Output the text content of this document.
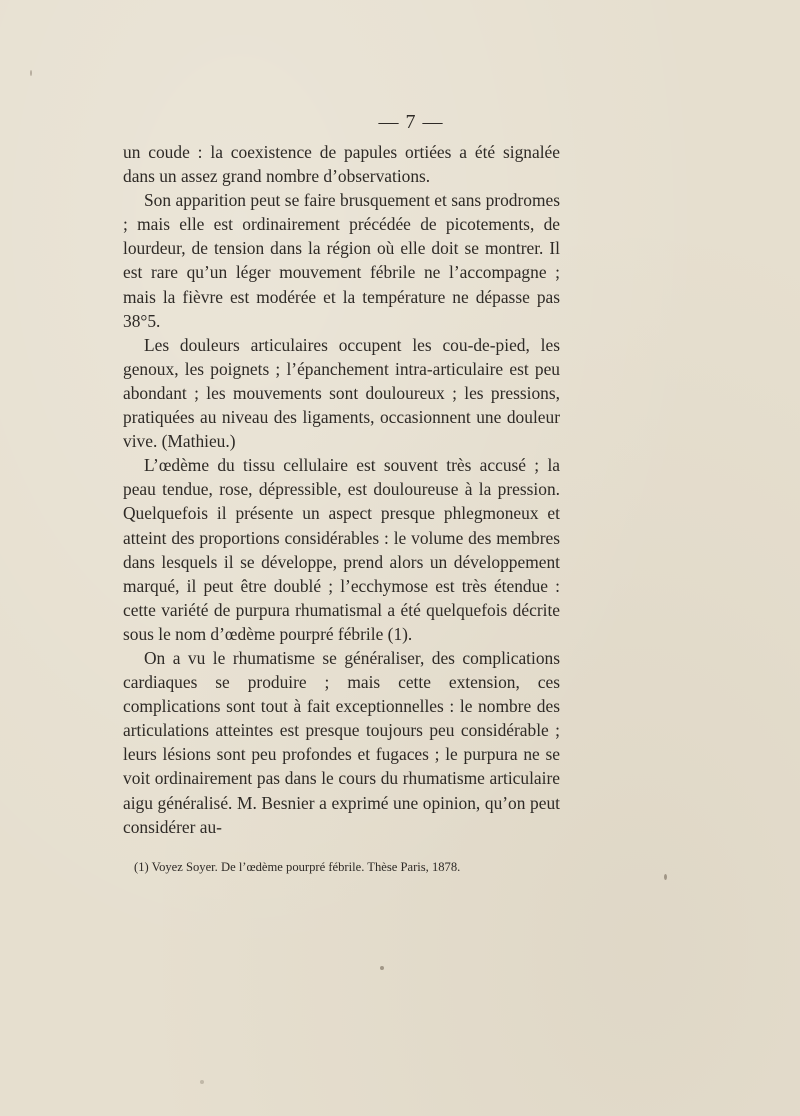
— 7 —

un coude : la coexistence de papules ortiées a été signalée dans un assez grand nombre d’observations.

Son apparition peut se faire brusquement et sans prodromes ; mais elle est ordinairement précédée de picotements, de lourdeur, de tension dans la région où elle doit se montrer. Il est rare qu’un léger mouvement fébrile ne l’accompagne ; mais la fièvre est modérée et la température ne dépasse pas 38°5.

Les douleurs articulaires occupent les cou-de-pied, les genoux, les poignets ; l’épanchement intra-articulaire est peu abondant ; les mouvements sont douloureux ; les pressions, pratiquées au niveau des ligaments, occasionnent une douleur vive. (Mathieu.)

L’œdème du tissu cellulaire est souvent très accusé ; la peau tendue, rose, dépressible, est douloureuse à la pression. Quelquefois il présente un aspect presque phlegmoneux et atteint des proportions considérables : le volume des membres dans lesquels il se développe, prend alors un développement marqué, il peut être doublé ; l’ecchymose est très étendue : cette variété de purpura rhumatismal a été quelquefois décrite sous le nom d’œdème pourpré fébrile (1).

On a vu le rhumatisme se généraliser, des complications cardiaques se produire ; mais cette extension, ces complications sont tout à fait exceptionnelles : le nombre des articulations atteintes est presque toujours peu considérable ; leurs lésions sont peu profondes et fugaces ; le purpura ne se voit ordinairement pas dans le cours du rhumatisme articulaire aigu généralisé. M. Besnier a exprimé une opinion, qu’on peut considérer au-

(1) Voyez Soyer. De l’œdème pourpré fébrile. Thèse Paris, 1878.
